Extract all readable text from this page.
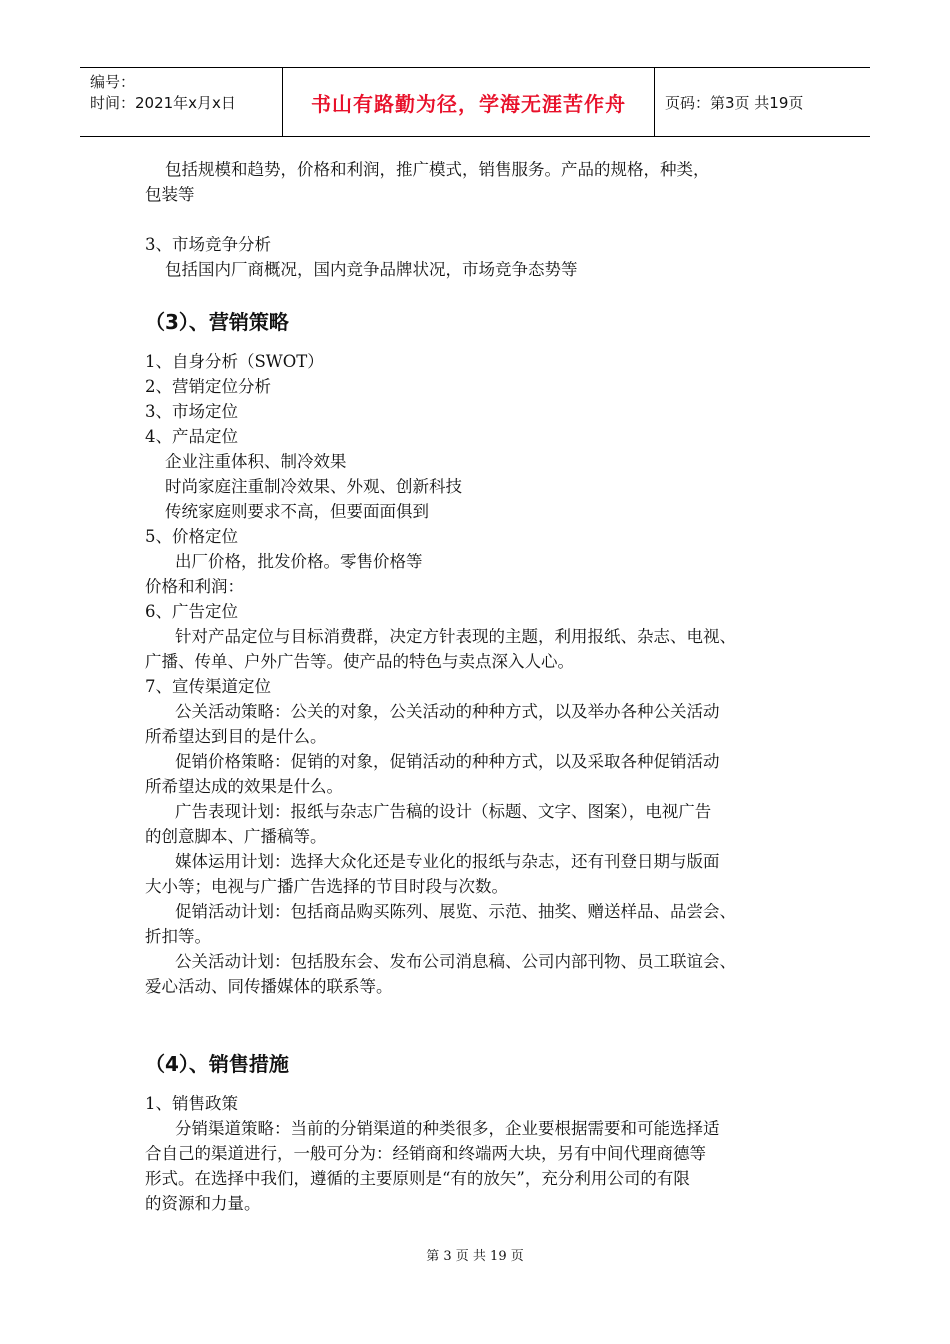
编号：
时间：2021年x月x日	书山有路勤为径，学海无涯苦作舟	页码：第3页 共19页

包括规模和趋势，价格和利润，推广模式，销售服务。产品的规格，种类，

包装等

3、市场竞争分析

包括国内厂商概况，国内竞争品牌状况，市场竞争态势等

（3）、营销策略

1、自身分析（SWOT）

2、营销定位分析

3、市场定位

4、产品定位

企业注重体积、制冷效果

时尚家庭注重制冷效果、外观、创新科技

传统家庭则要求不高，但要面面俱到

5、价格定位

出厂价格，批发价格。零售价格等

价格和利润：

6、广告定位

针对产品定位与目标消费群，决定方针表现的主题，利用报纸、杂志、电视、

广播、传单、户外广告等。使产品的特色与卖点深入人心。

7、宣传渠道定位

公关活动策略：公关的对象，公关活动的种种方式，以及举办各种公关活动

所希望达到目的是什么。

促销价格策略：促销的对象，促销活动的种种方式，以及采取各种促销活动

所希望达成的效果是什么。

广告表现计划：报纸与杂志广告稿的设计（标题、文字、图案），电视广告

的创意脚本、广播稿等。

媒体运用计划：选择大众化还是专业化的报纸与杂志，还有刊登日期与版面

大小等；电视与广播广告选择的节目时段与次数。

促销活动计划：包括商品购买陈列、展览、示范、抽奖、赠送样品、品尝会、

折扣等。

公关活动计划：包括股东会、发布公司消息稿、公司内部刊物、员工联谊会、

爱心活动、同传播媒体的联系等。

（4）、销售措施

1、销售政策

分销渠道策略：当前的分销渠道的种类很多，企业要根据需要和可能选择适

合自己的渠道进行，一般可分为：经销商和终端两大块，另有中间代理商德等

形式。在选择中我们，遵循的主要原则是“有的放矢”，充分利用公司的有限

的资源和力量。

第 3 页 共 19 页
